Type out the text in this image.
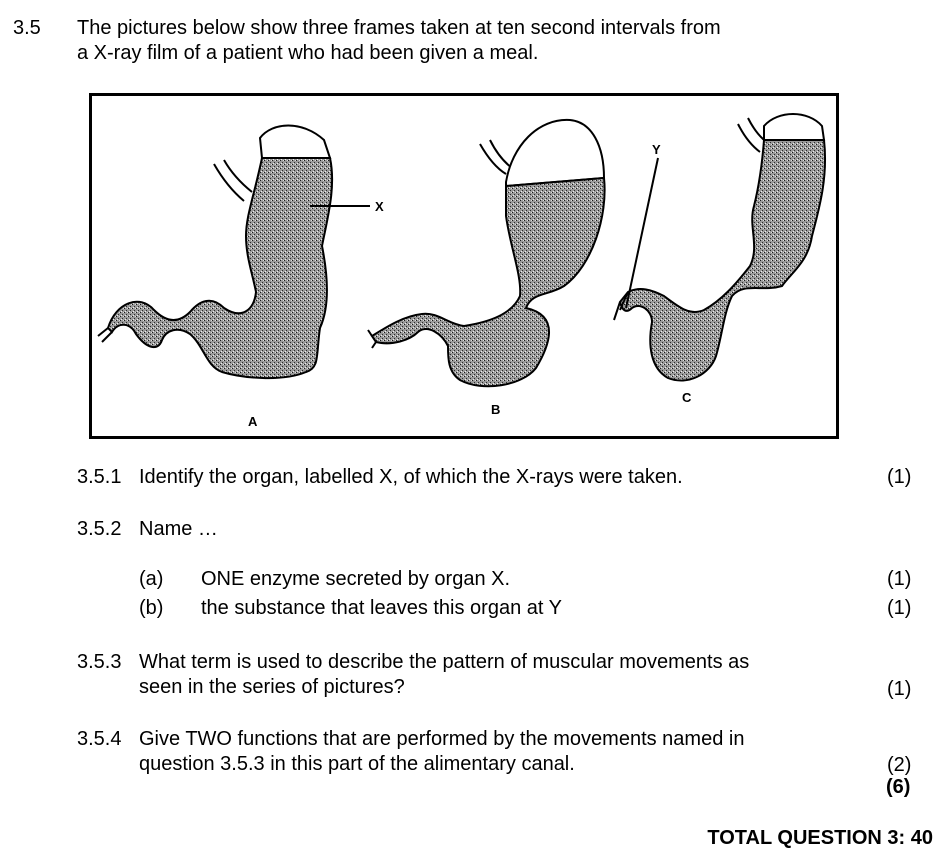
3.5 The pictures below show three frames taken at ten second intervals from
a X-ray film of a patient who had been given a meal.
X
A
B
Y
C
3.5.1 Identify the organ, labelled X, of which the X-rays were taken.	(1)
3.5.2 Name …
(a) ONE enzyme secreted by organ X.	(1)
(b) the substance that leaves this organ at Y	(1)
3.5.3 What term is used to describe the pattern of muscular movements as
seen in the series of pictures?	(1)
3.5.4 Give TWO functions that are performed by the movements named in
question 3.5.3 in this part of the alimentary canal.	(2)
(6)
TOTAL QUESTION 3: 40
